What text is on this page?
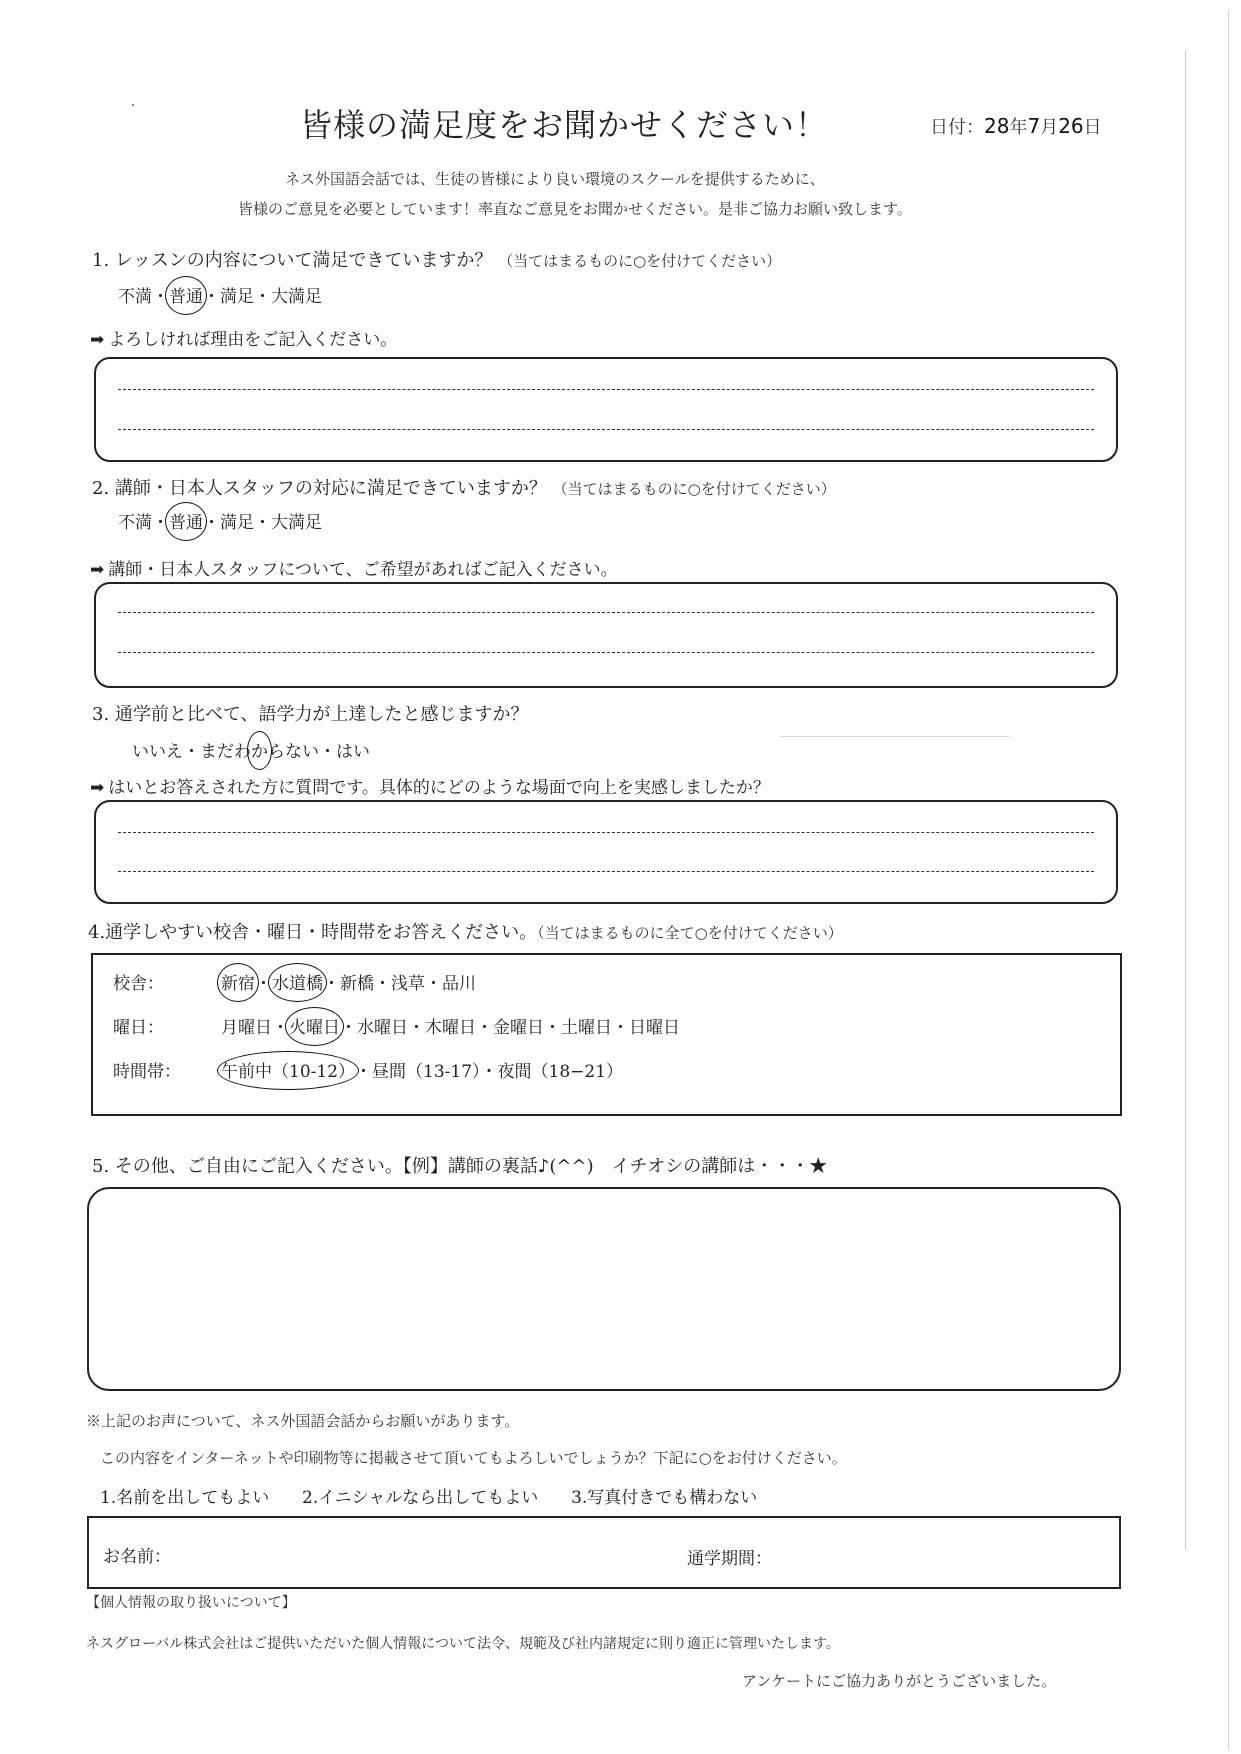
皆様の満足度をお聞かせください！	日付：28年7月26日
ネス外国語会話では、生徒の皆様により良い環境のスクールを提供するために、
皆様のご意見を必要としています！率直なご意見をお聞かせください。是非ご協力お願い致します。
1. レッスンの内容について満足できていますか？ （当てはまるものに○を付けてください）
不満・普通・満足・大満足
➡ よろしければ理由をご記入ください。
2. 講師・日本人スタッフの対応に満足できていますか？ （当てはまるものに○を付けてください）
不満・普通・満足・大満足
➡ 講師・日本人スタッフについて、ご希望があればご記入ください。
3. 通学前と比べて、語学力が上達したと感じますか？
いいえ・まだわからない・はい
➡ はいとお答えされた方に質問です。具体的にどのような場面で向上を実感しましたか？
4.通学しやすい校舎・曜日・時間帯をお答えください。（当てはまるものに全て○を付けてください）
校舎：	新宿・水道橋・新橋・浅草・品川
曜日：	月曜日・火曜日・水曜日・木曜日・金曜日・土曜日・日曜日
時間帯： 午前中（10-12）・昼間（13-17）・夜間（18−21）
5. その他、ご自由にご記入ください。【例】講師の裏話♪(^^)　イチオシの講師は・・・★
※上記のお声について、ネス外国語会話からお願いがあります。
この内容をインターネットや印刷物等に掲載させて頂いてもよろしいでしょうか？下記に○をお付けください。
1.名前を出してもよい 2.イニシャルなら出してもよい 3.写真付きでも構わない
お名前：	通学期間：
【個人情報の取り扱いについて】
ネスグローバル株式会社はご提供いただいた個人情報について法令、規範及び社内諸規定に則り適正に管理いたします。
アンケートにご協力ありがとうございました。
